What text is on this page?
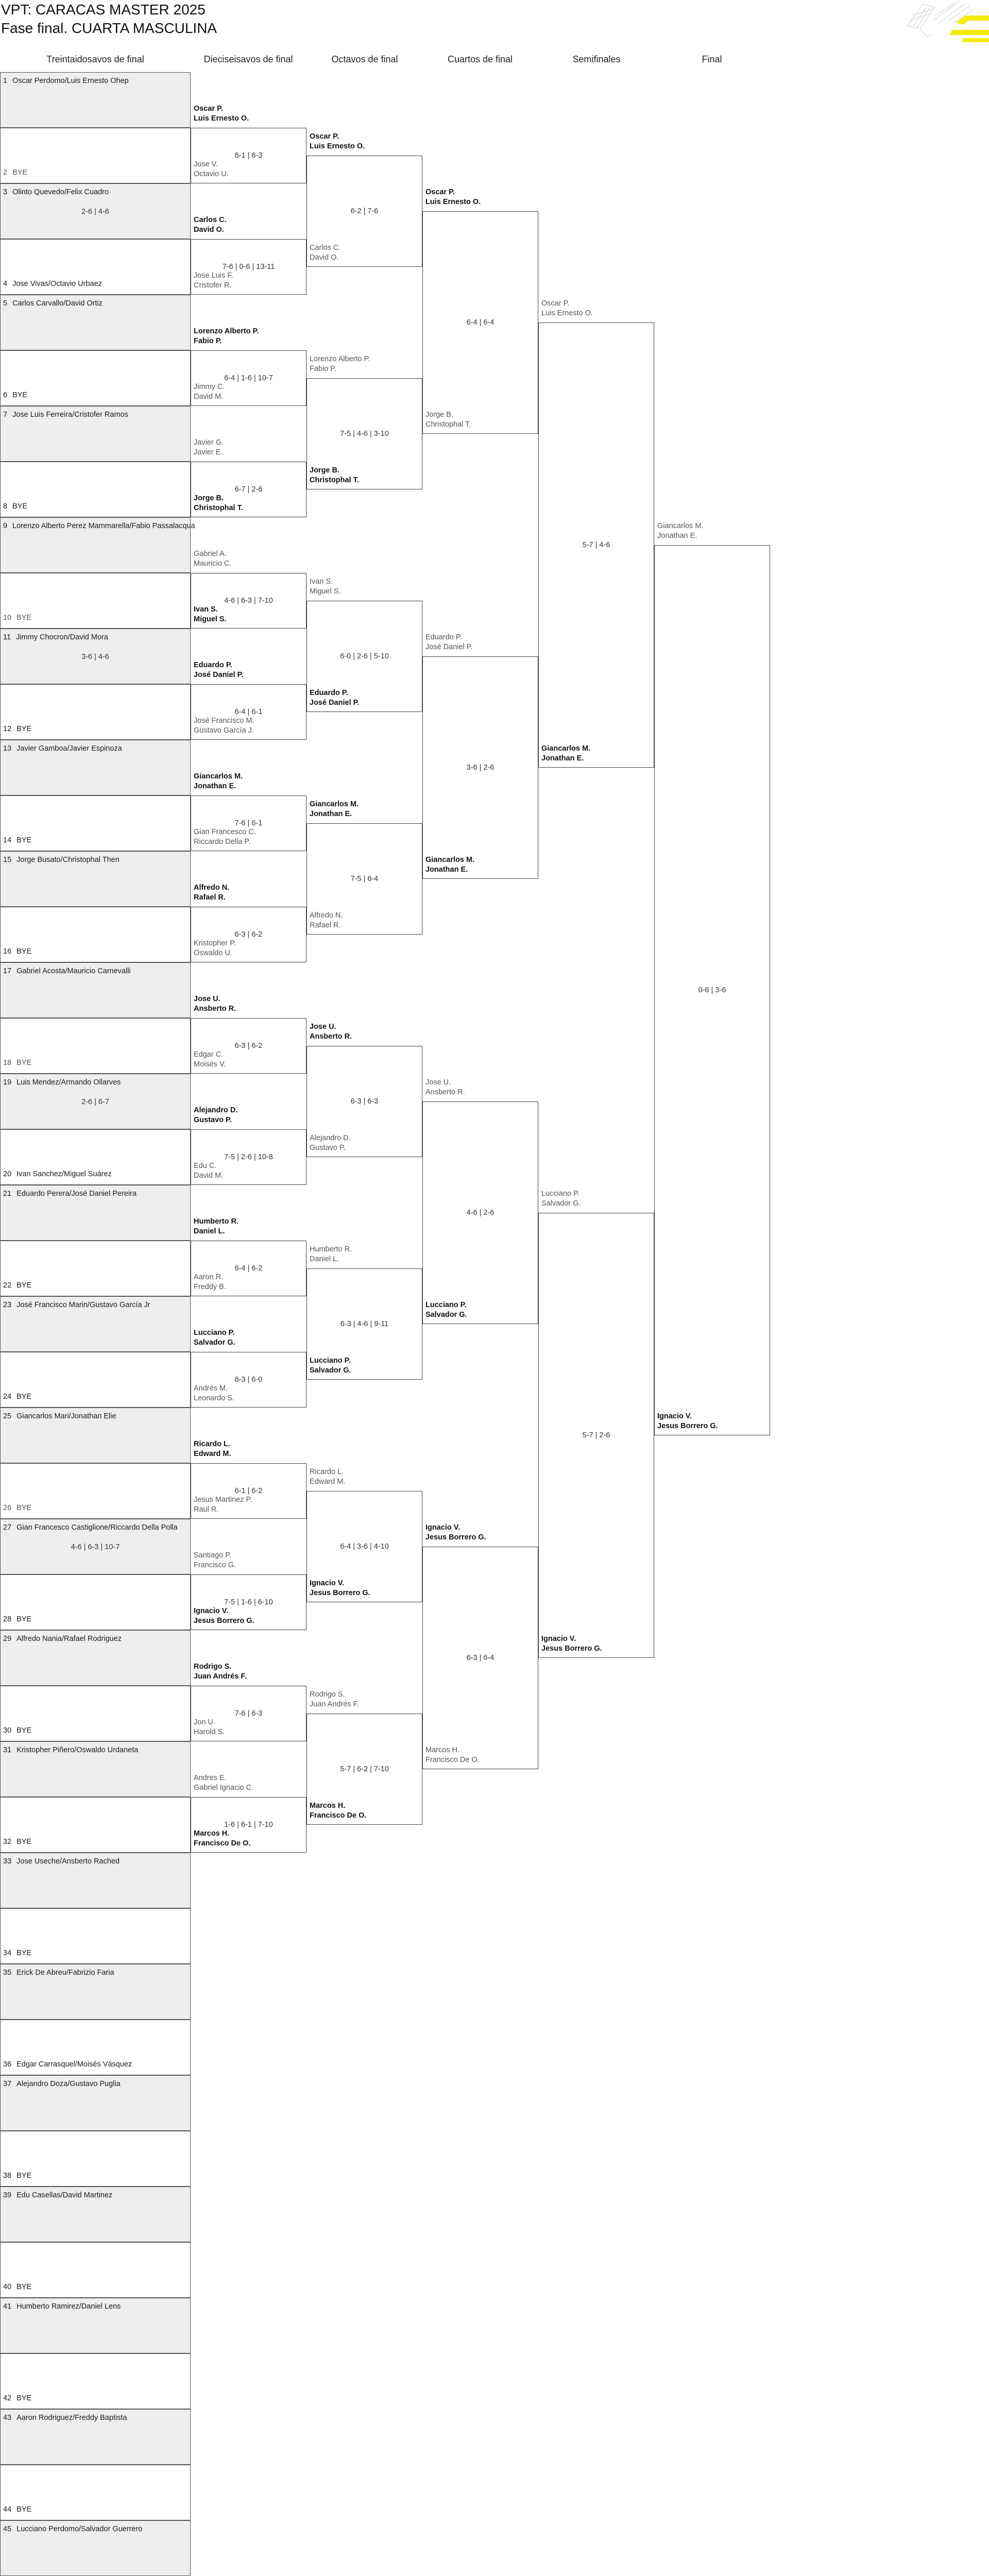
VPT: CARACAS MASTER 2025
Fase final. CUARTA MASCULINA
Treintaidosavos de final	Dieciseisavos de final	Octavos de final	Cuartos de final	Semifinales	Final
1 Oscar Perdomo/Luis Ernesto Ohep
2 BYE
3 Olinto Quevedo/Felix Cuadro
4 Jose Vivas/Octavio Urbaez
5 Carlos Carvallo/David Ortiz
6 BYE
7 Jose Luis Ferreira/Cristofer Ramos
8 BYE
9 Lorenzo Alberto Perez Mammarella/Fabio Passalacqua
10 BYE
11 Jimmy Chocron/David Mora
12 BYE
13 Javier Gamboa/Javier Espinoza
14 BYE
15 Jorge Busato/Christophal Then
16 BYE
17 Gabriel Acosta/Mauricio Carnevalli
18 BYE
19 Luis Mendez/Armando Ollarves
20 Ivan Sanchez/Miguel Suárez
21 Eduardo Perera/José Daniel Pereira
22 BYE
23 José Francisco Marin/Gustavo García Jr
24 BYE
25 Giancarlos Mari/Jonathan Elie
26 BYE
27 Gian Francesco Castiglione/Riccardo Della Polla
28 BYE
29 Alfredo Nania/Rafael Rodriguez
30 BYE
31 Kristopher Piñero/Oswaldo Urdaneta
32 BYE
33 Jose Useche/Ansberto Rached
34 BYE
35 Erick De Abreu/Fabrizio Faria
36 Edgar Carrasquel/Moisés Vásquez
37 Alejandro Doza/Gustavo Puglia
38 BYE
39 Edu Casellas/David Martinez
40 BYE
41 Humberto Ramirez/Daniel Lens
42 BYE
43 Aaron Rodriguez/Freddy Baptista
44 BYE
45 Lucciano Perdomo/Salvador Guerrero
2-6 | 4-6
3-6 | 4-6
2-6 | 6-7
4-6 | 6-3 | 10-7
Oscar P.
Luis Ernesto O.
Jose V.
Octavio U.
6-1 | 6-3
Carlos C.
David O.
Jose Luis F.
Cristofer R.
7-6 | 0-6 | 13-11
Lorenzo Alberto P.
Fabio P.
Jimmy C.
David M.
6-4 | 1-6 | 10-7
Javier G.
Javier E.
Jorge B.
Christophal T.
6-7 | 2-6
Gabriel A.
Mauricio C.
Ivan S.
Miguel S.
4-6 | 6-3 | 7-10
Eduardo P.
José Daniel P.
José Francisco M.
Gustavo García J.
6-4 | 6-1
Giancarlos M.
Jonathan E.
Gian Francesco C.
Riccardo Della P.
7-6 | 6-1
Alfredo N.
Rafael R.
Kristopher P.
Oswaldo U.
6-3 | 6-2
Jose U.
Ansberto R.
Edgar C.
Moisés V.
6-3 | 6-2
Alejandro D.
Gustavo P.
Edu C.
David M.
7-5 | 2-6 | 10-8
Humberto R.
Daniel L.
Aaron R.
Freddy B.
6-4 | 6-2
Lucciano P.
Salvador G.
Andrés M.
Leonardo S.
6-3 | 6-0
Ricardo L.
Edward M.
Jesus Martinez P.
Raul R.
6-1 | 6-2
Santiago P.
Francisco G.
Ignacio V.
Jesus Borrero G.
7-5 | 1-6 | 6-10
Rodrigo S.
Juan Andrés F.
Jon U.
Harold S.
7-6 | 6-3
Andres E.
Gabriel Ignacio C.
Marcos H.
Francisco De O.
1-6 | 6-1 | 7-10
Oscar P.
Luis Ernesto O.
Carlos C.
David O.
6-2 | 7-6
Lorenzo Alberto P.
Fabio P.
Jorge B.
Christophal T.
7-5 | 4-6 | 3-10
Ivan S.
Miguel S.
Eduardo P.
José Daniel P.
6-0 | 2-6 | 5-10
Giancarlos M.
Jonathan E.
Alfredo N.
Rafael R.
7-5 | 6-4
Jose U.
Ansberto R.
Alejandro D.
Gustavo P.
6-3 | 6-3
Humberto R.
Daniel L.
Lucciano P.
Salvador G.
6-3 | 4-6 | 9-11
Ricardo L.
Edward M.
Ignacio V.
Jesus Borrero G.
6-4 | 3-6 | 4-10
Rodrigo S.
Juan Andrés F.
Marcos H.
Francisco De O.
5-7 | 6-2 | 7-10
Oscar P.
Luis Ernesto O.
Jorge B.
Christophal T.
6-4 | 6-4
Eduardo P.
José Daniel P.
Giancarlos M.
Jonathan E.
3-6 | 2-6
Jose U.
Ansberto R.
Lucciano P.
Salvador G.
4-6 | 2-6
Ignacio V.
Jesus Borrero G.
Marcos H.
Francisco De O.
6-3 | 6-4
Oscar P.
Luis Ernesto O.
Giancarlos M.
Jonathan E.
5-7 | 4-6
Lucciano P.
Salvador G.
Ignacio V.
Jesus Borrero G.
5-7 | 2-6
Giancarlos M.
Jonathan E.
Ignacio V.
Jesus Borrero G.
0-6 | 3-6
